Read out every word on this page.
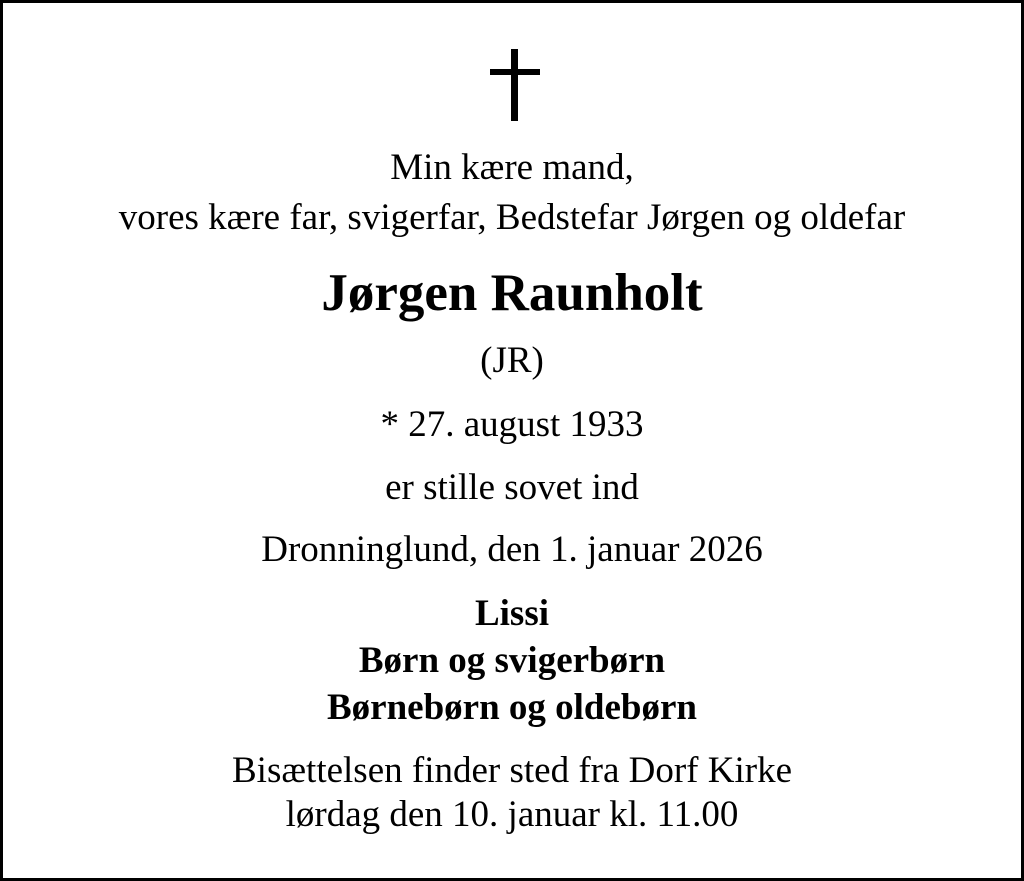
Min kære mand,

vores kære far, svigerfar, Bedstefar Jørgen og oldefar

Jørgen Raunholt

(JR)

* 27. august 1933

er stille sovet ind

Dronninglund, den 1. januar 2026

Lissi

Børn og svigerbørn

Børnebørn og oldebørn

Bisættelsen finder sted fra Dorf Kirke

lørdag den 10. januar kl. 11.00
